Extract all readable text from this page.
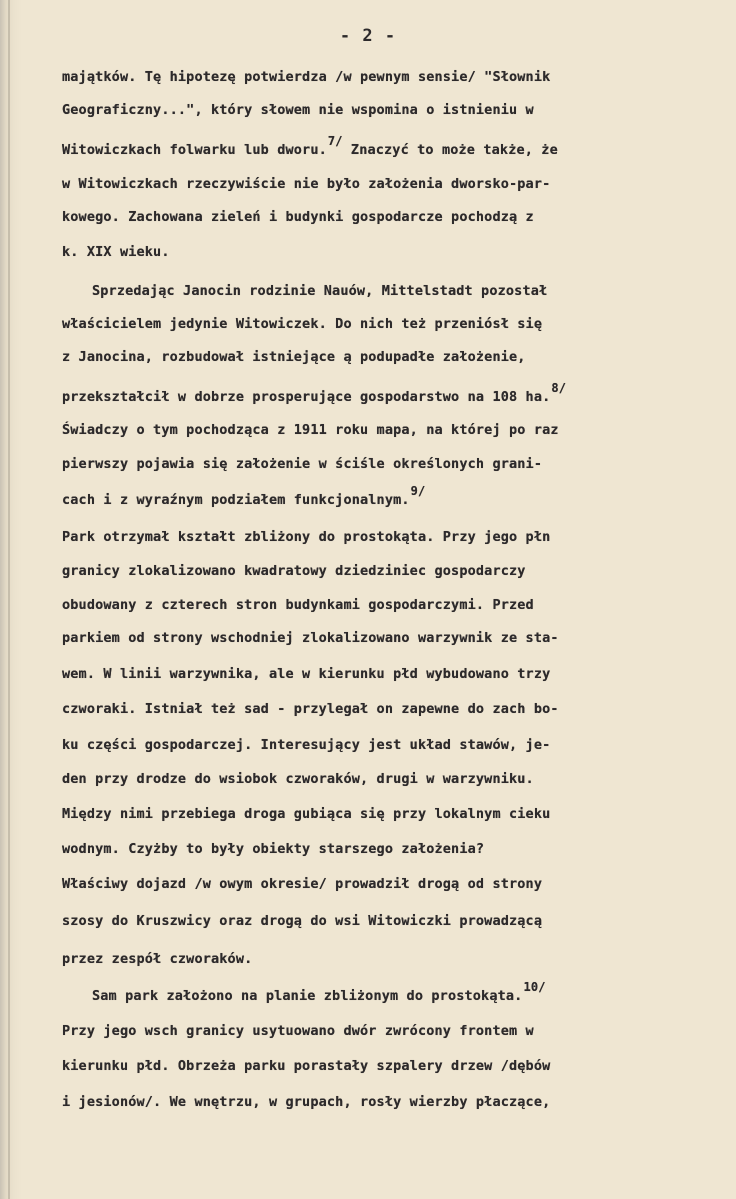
- 2 -
majątków. Tę hipotezę potwierdza /w pewnym sensie/ "Słownik
Geograficzny...", który słowem nie wspomina o istnieniu w
Witowiczkach folwarku lub dworu.7/ Znaczyć to może także, że
w Witowiczkach rzeczywiście nie było założenia dworsko-par-
kowego. Zachowana zieleń i budynki gospodarcze pochodzą z
k. XIX wieku.
Sprzedając Janocin rodzinie Nauów, Mittelstadt pozostał
właścicielem jedynie Witowiczek. Do nich też przeniósł się
z Janocina, rozbudował istniejące ą podupadłe założenie,
przekształcił w dobrze prosperujące gospodarstwo na 108 ha.8/
Świadczy o tym pochodząca z 1911 roku mapa, na której po raz
pierwszy pojawia się założenie w ściśle określonych grani-
cach i z wyraźnym podziałem funkcjonalnym.9/
Park otrzymał kształt zbliżony do prostokąta. Przy jego płn
granicy zlokalizowano kwadratowy dziedziniec gospodarczy
obudowany z czterech stron budynkami gospodarczymi. Przed
parkiem od strony wschodniej zlokalizowano warzywnik ze sta-
wem. W linii warzywnika, ale w kierunku płd wybudowano trzy
czworaki. Istniał też sad - przylegał on zapewne do zach bo-
ku części gospodarczej. Interesujący jest układ stawów, je-
den przy drodze do wsiobok czworaków, drugi w warzywniku.
Między nimi przebiega droga gubiąca się przy lokalnym cieku
wodnym. Czyżby to były obiekty starszego założenia?
Właściwy dojazd /w owym okresie/ prowadził drogą od strony
szosy do Kruszwicy oraz drogą do wsi Witowiczki prowadzącą
przez zespół czworaków.
Sam park założono na planie zbliżonym do prostokąta.10/
Przy jego wsch granicy usytuowano dwór zwrócony frontem w
kierunku płd. Obrzeża parku porastały szpalery drzew /dębów
i jesionów/. We wnętrzu, w grupach, rosły wierzby płaczące,
